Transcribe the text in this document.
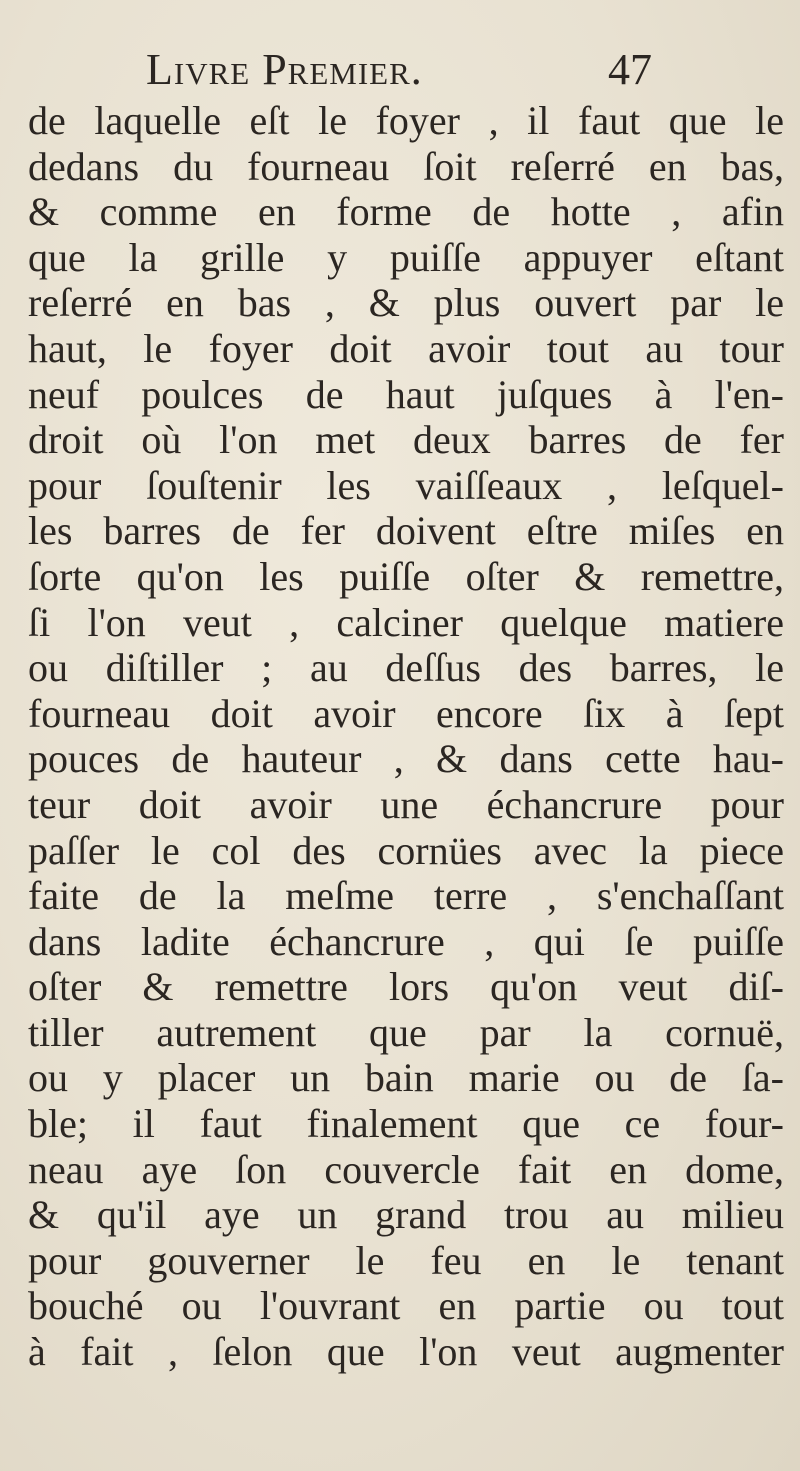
Livre Premier.	47
de laquelle eſt le foyer , il faut que le
dedans du fourneau ſoit reſerré en bas,
& comme en forme de hotte , afin
que la grille y puiſſe appuyer eſtant
reſerré en bas , & plus ouvert par le
haut, le foyer doit avoir tout au tour
neuf poulces de haut juſques à l'en-
droit où l'on met deux barres de fer
pour ſouſtenir les vaiſſeaux , leſquel-
les barres de fer doivent eſtre miſes en
ſorte qu'on les puiſſe oſter & remettre,
ſi l'on veut , calciner quelque matiere
ou diſtiller ; au deſſus des barres, le
fourneau doit avoir encore ſix à ſept
pouces de hauteur , & dans cette hau-
teur doit avoir une échancrure pour
paſſer le col des cornües avec la piece
faite de la meſme terre , s'enchaſſant
dans ladite échancrure , qui ſe puiſſe
oſter & remettre lors qu'on veut diſ-
tiller autrement que par la cornuë,
ou y placer un bain marie ou de ſa-
ble; il faut finalement que ce four-
neau aye ſon couvercle fait en dome,
& qu'il aye un grand trou au milieu
pour gouverner le feu en le tenant
bouché ou l'ouvrant en partie ou tout
à fait , ſelon que l'on veut augmenter
